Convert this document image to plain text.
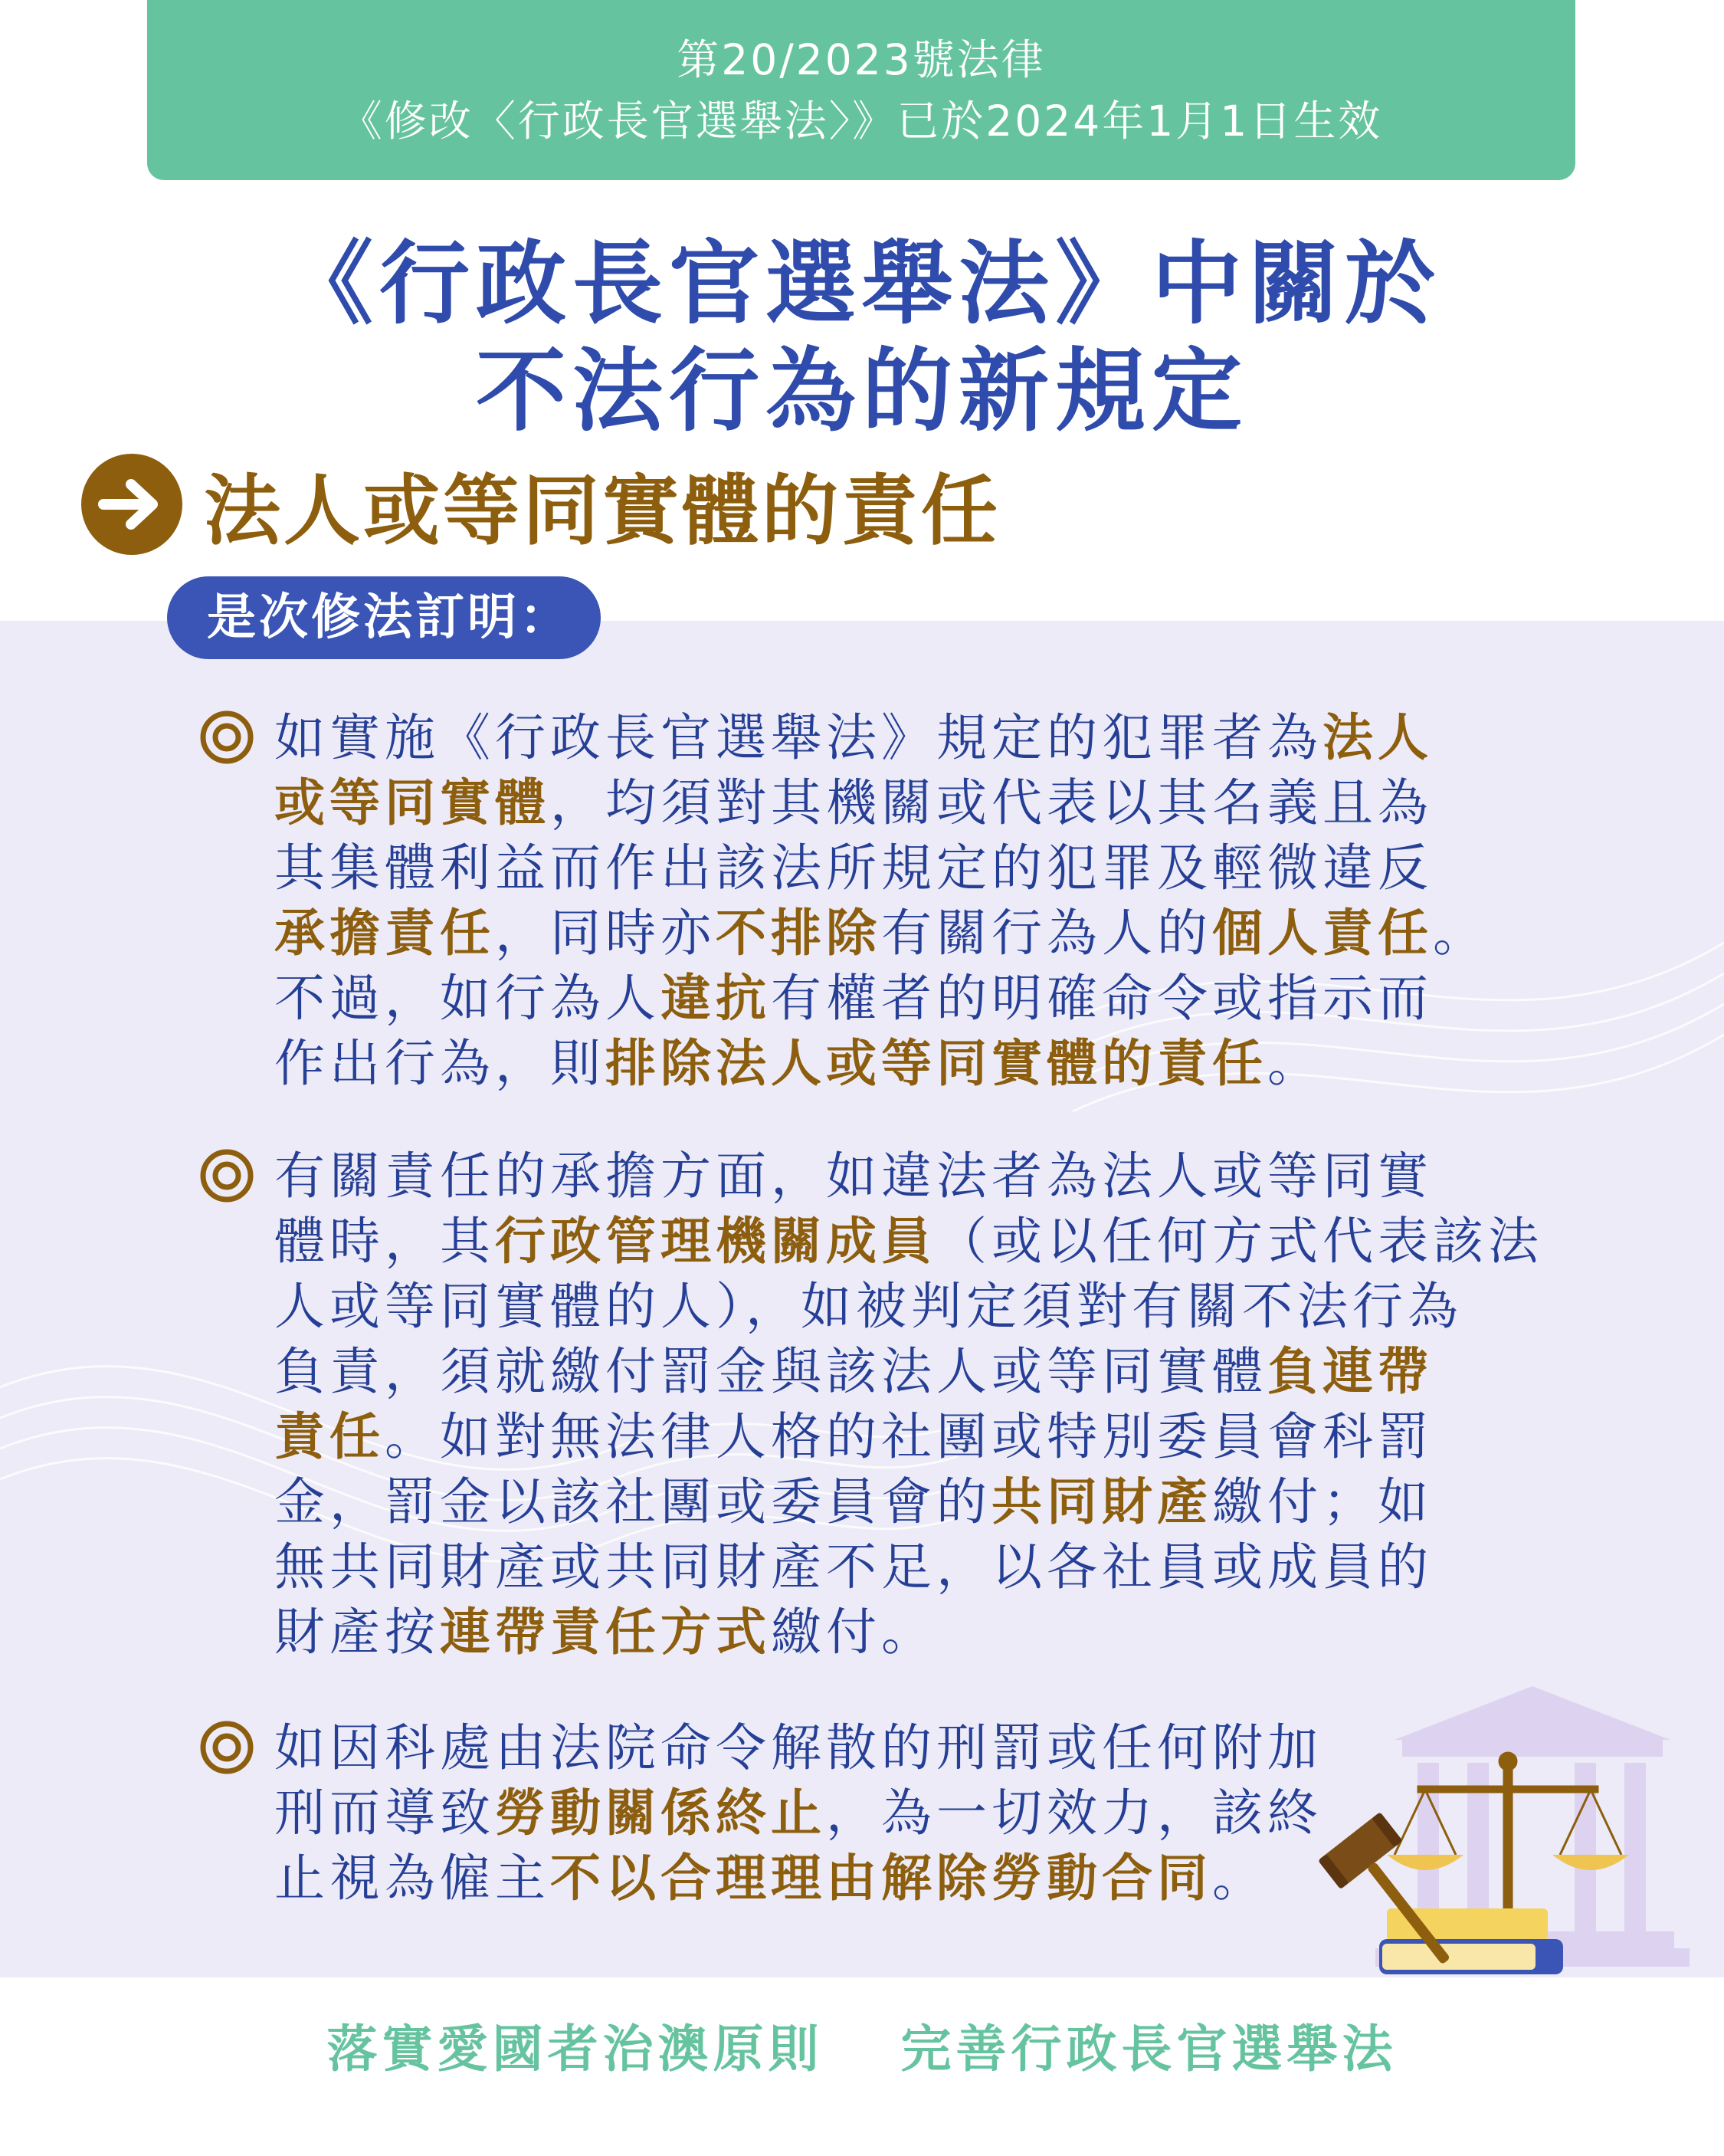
第20/2023號法律
《修改〈行政長官選舉法〉》已於2024年1月1日生效
《行政長官選舉法》中關於
不法行為的新規定
法人或等同實體的責任
是次修法訂明：
如實施《行政長官選舉法》規定的犯罪者為法人
或等同實體，均須對其機關或代表以其名義且為
其集體利益而作出該法所規定的犯罪及輕微違反
承擔責任，同時亦不排除有關行為人的個人責任。
不過，如行為人違抗有權者的明確命令或指示而
作出行為，則排除法人或等同實體的責任。
有關責任的承擔方面，如違法者為法人或等同實
體時，其行政管理機關成員（或以任何方式代表該法
人或等同實體的人），如被判定須對有關不法行為
負責，須就繳付罰金與該法人或等同實體負連帶
責任。如對無法律人格的社團或特別委員會科罰
金，罰金以該社團或委員會的共同財產繳付；如
無共同財產或共同財產不足，以各社員或成員的
財產按連帶責任方式繳付。
如因科處由法院命令解散的刑罰或任何附加
刑而導致勞動關係終止，為一切效力，該終
止視為僱主不以合理理由解除勞動合同。
落實愛國者治澳原則 完善行政長官選舉法
